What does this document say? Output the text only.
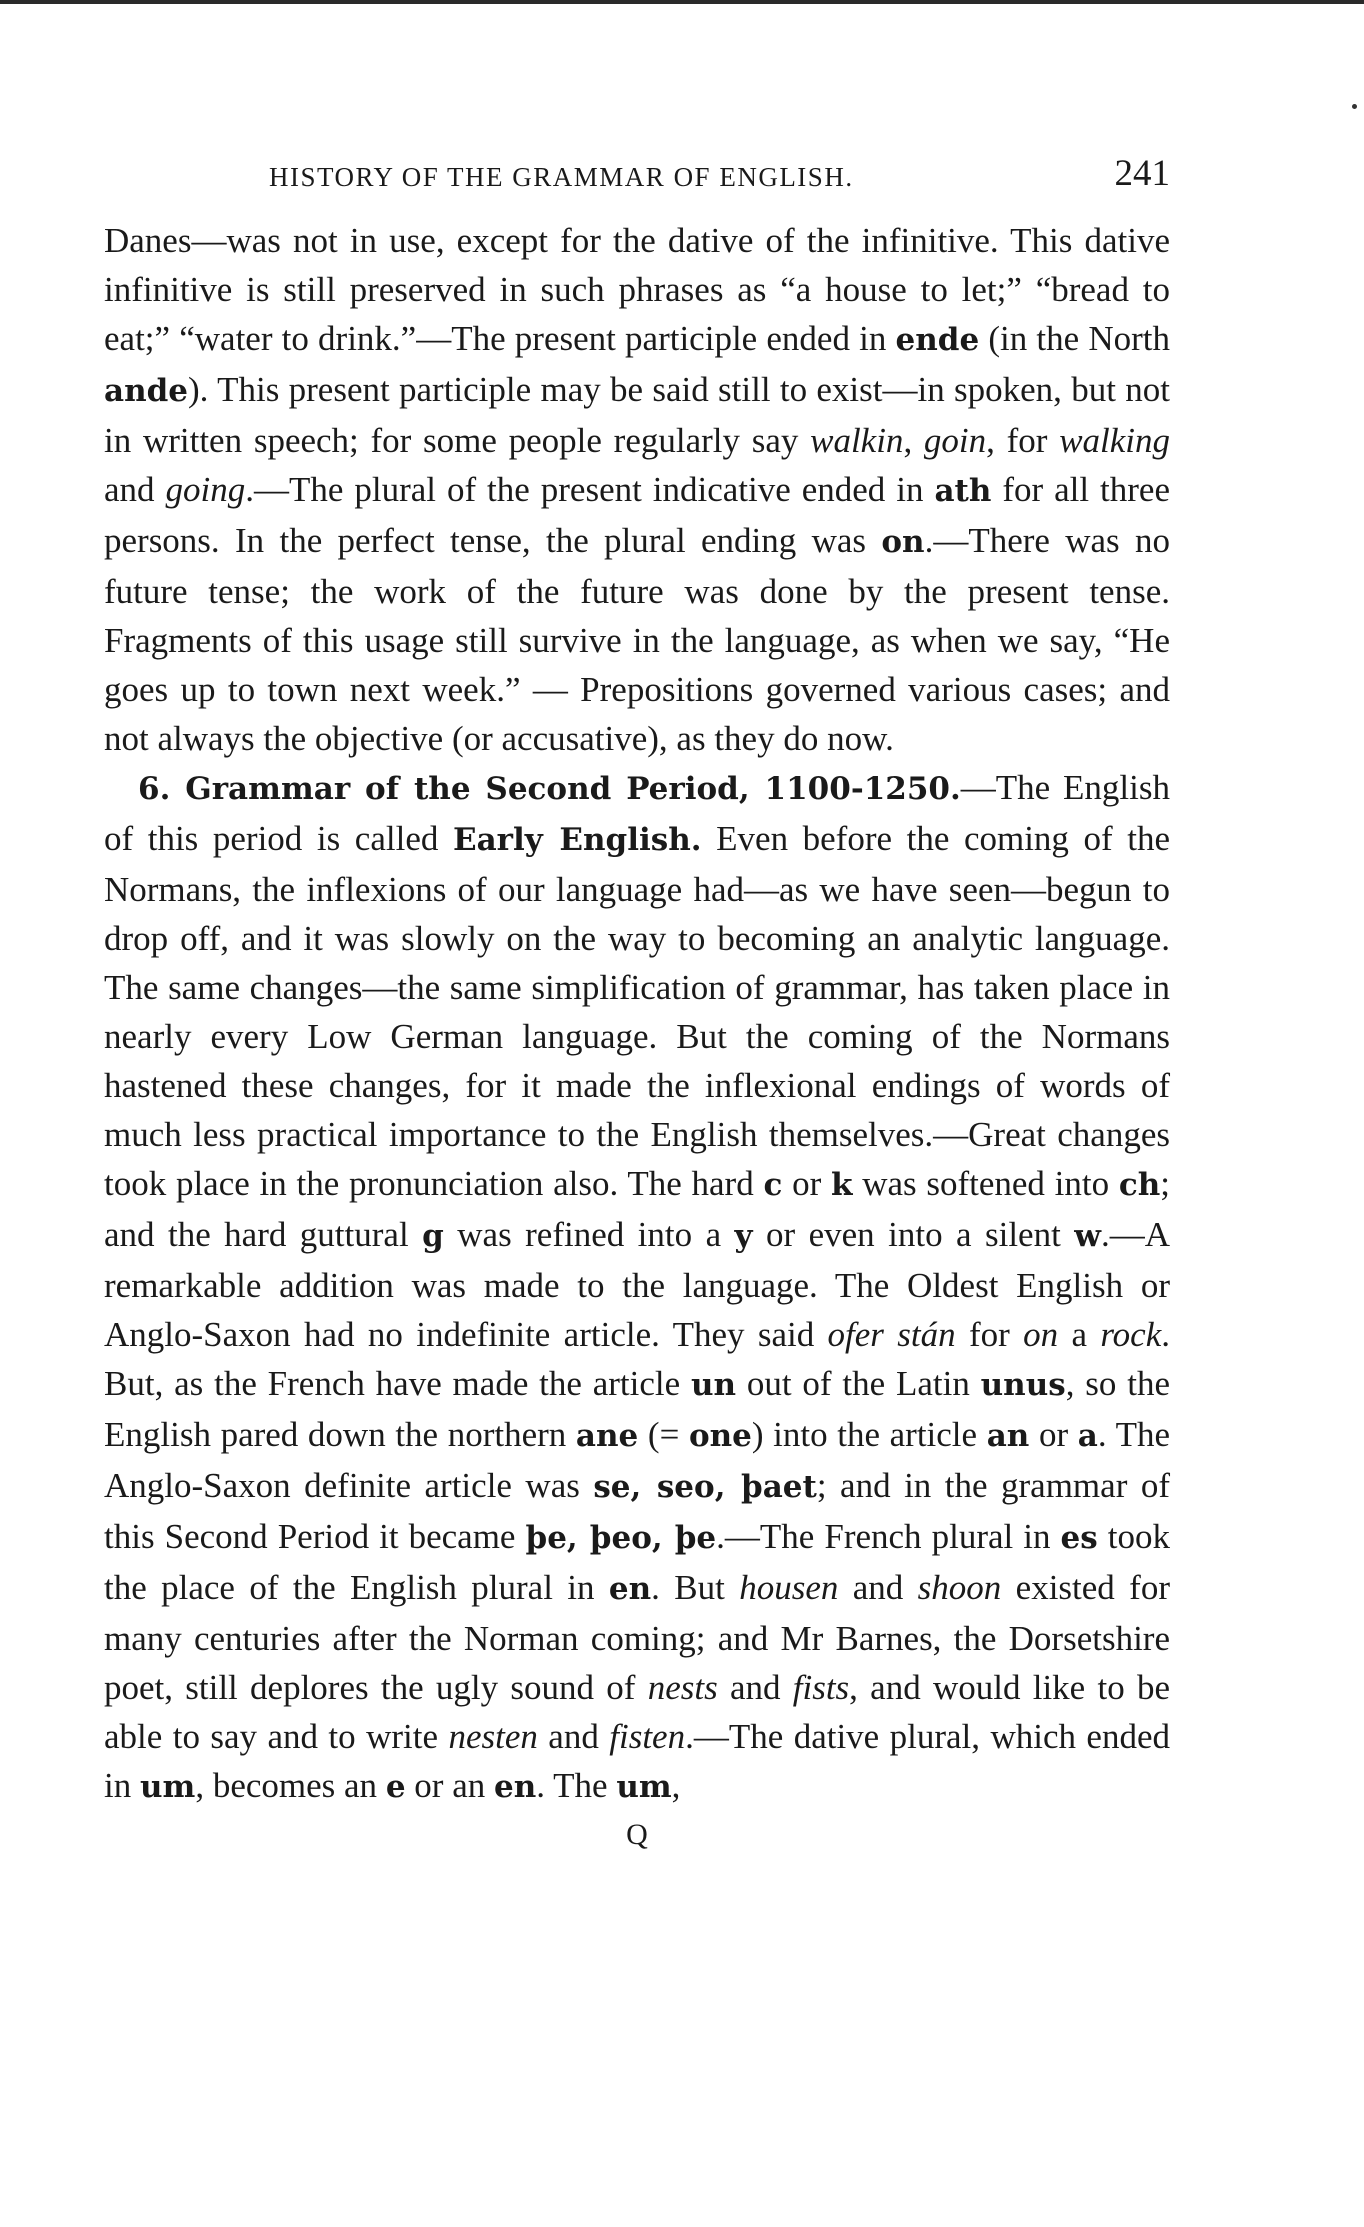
HISTORY OF THE GRAMMAR OF ENGLISH.	241

Danes—was not in use, except for the dative of the infinitive. This dative infinitive is still preserved in such phrases as “a house to let;” “bread to eat;” “water to drink.”—The present participle ended in ende (in the North ande). This present participle may be said still to exist—in spoken, but not in written speech; for some people regularly say walkin, goin, for walking and going.—The plural of the present indicative ended in ath for all three persons. In the perfect tense, the plural ending was on.—There was no future tense; the work of the future was done by the present tense. Fragments of this usage still survive in the language, as when we say, “He goes up to town next week.” — Prepositions governed various cases; and not always the objective (or accusative), as they do now.

6. Grammar of the Second Period, 1100-1250.—The English of this period is called Early English. Even before the coming of the Normans, the inflexions of our language had—as we have seen—begun to drop off, and it was slowly on the way to becoming an analytic language. The same changes—the same simplification of grammar, has taken place in nearly every Low German language. But the coming of the Normans hastened these changes, for it made the inflexional endings of words of much less practical importance to the English themselves.—Great changes took place in the pronunciation also. The hard c or k was softened into ch; and the hard guttural g was refined into a y or even into a silent w.—A remarkable addition was made to the language. The Oldest English or Anglo-Saxon had no indefinite article. They said ofer stán for on a rock. But, as the French have made the article un out of the Latin unus, so the English pared down the northern ane (= one) into the article an or a. The Anglo-Saxon definite article was se, seo, þaet; and in the grammar of this Second Period it became þe, þeo, þe.—The French plural in es took the place of the English plural in en. But housen and shoon existed for many centuries after the Norman coming; and Mr Barnes, the Dorsetshire poet, still deplores the ugly sound of nests and fists, and would like to be able to say and to write nesten and fisten.—The dative plural, which ended in um, becomes an e or an en. The um,

Q
